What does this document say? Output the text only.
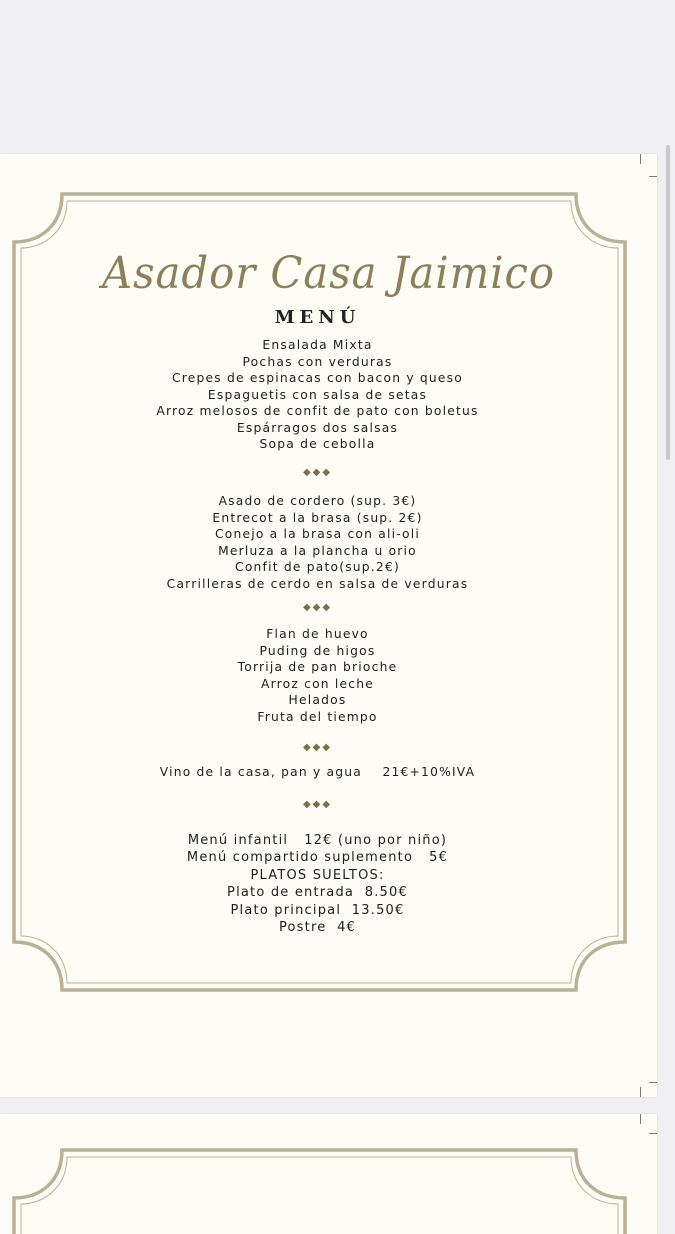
Asador Casa Jaimico
MENÚ
Ensalada Mixta
Pochas con verduras
Crepes de espinacas con bacon y queso
Espaguetis con salsa de setas
Arroz melosos de confit de pato con boletus
Espárragos dos salsas
Sopa de cebolla
◆◆◆
Asado de cordero (sup. 3€)
Entrecot a la brasa (sup. 2€)
Conejo a la brasa con ali-oli
Merluza a la plancha u orio
Confit de pato(sup.2€)
Carrilleras de cerdo en salsa de verduras
◆◆◆
Flan de huevo
Puding de higos
Torrija de pan brioche
Arroz con leche
Helados
Fruta del tiempo
◆◆◆
Vino de la casa, pan y agua    21€+10%IVA
◆◆◆
Menú infantil   12€ (uno por niño)
Menú compartido suplemento   5€
PLATOS SUELTOS:
Plato de entrada  8.50€
Plato principal  13.50€
Postre  4€
